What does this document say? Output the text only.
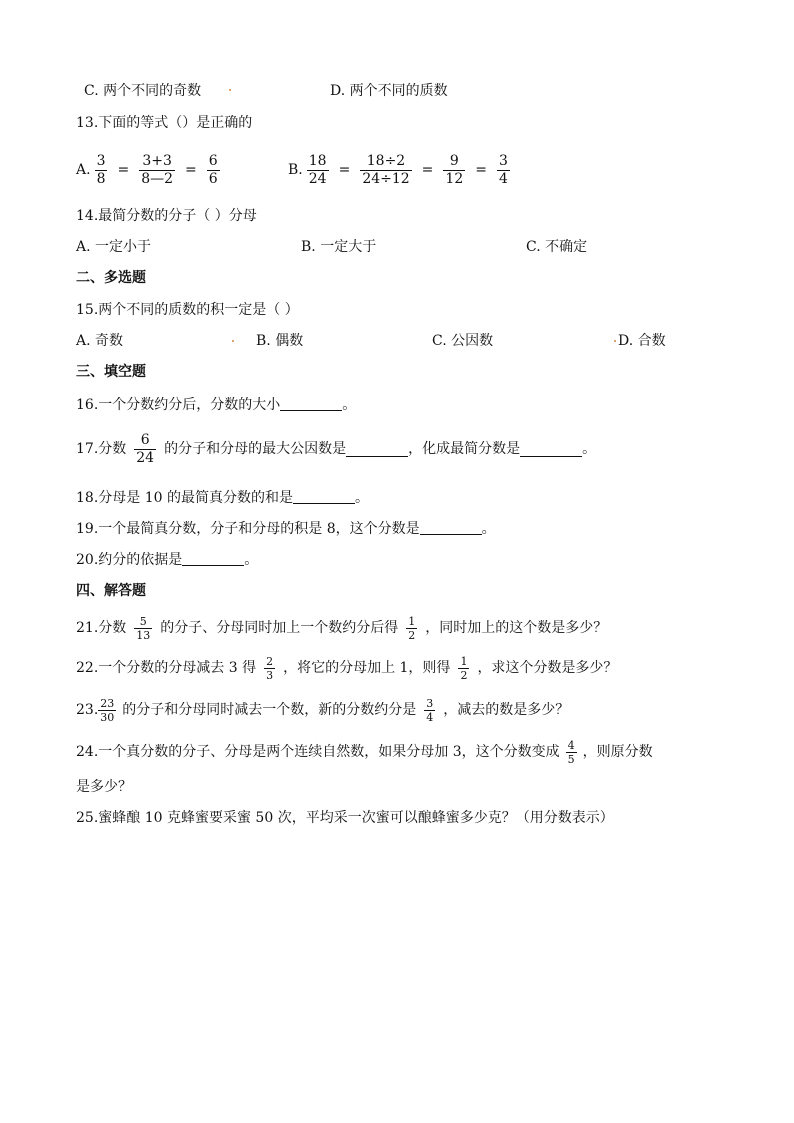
C. 两个不同的奇数	D. 两个不同的质数
13.下面的等式（）是正确的
A. $\frac{3}{8} = \frac{3+3}{8—2} = \frac{6}{6}$	B. $\frac{18}{24} = \frac{18\div 2}{24\div 12} = \frac{9}{12} = \frac{3}{4}$
14.最简分数的分子（ ）分母
A. 一定小于	B. 一定大于	C. 不确定
二、多选题
15.两个不同的质数的积一定是（ ）
A. 奇数	B. 偶数	C. 公因数	D. 合数
三、填空题
16.一个分数约分后，分数的大小	。
17.分数 $\frac{6}{24}$ 的分子和分母的最大公因数是	，化成最简分数是	。
18.分母是 10 的最简真分数的和是	。
19.一个最简真分数，分子和分母的积是 8，这个分数是	。
20.约分的依据是	。
四、解答题
21.分数 $\frac{5}{13}$ 的分子、分母同时加上一个数约分后得 $\frac{1}{2}$ ，同时加上的这个数是多少？
22.一个分数的分母减去 3 得 $\frac{2}{3}$ ，将它的分母加上 1，则得 $\frac{1}{2}$ ，求这个分数是多少？
23. $\frac{23}{30}$ 的分子和分母同时减去一个数，新的分数约分是 $\frac{3}{4}$ ，减去的数是多少？
24.一个真分数的分子、分母是两个连续自然数，如果分母加 3，这个分数变成 $\frac{4}{5}$ ，则原分数
是多少？
25.蜜蜂酿 10 克蜂蜜要采蜜 50 次，平均采一次蜜可以酿蜂蜜多少克？（用分数表示）
